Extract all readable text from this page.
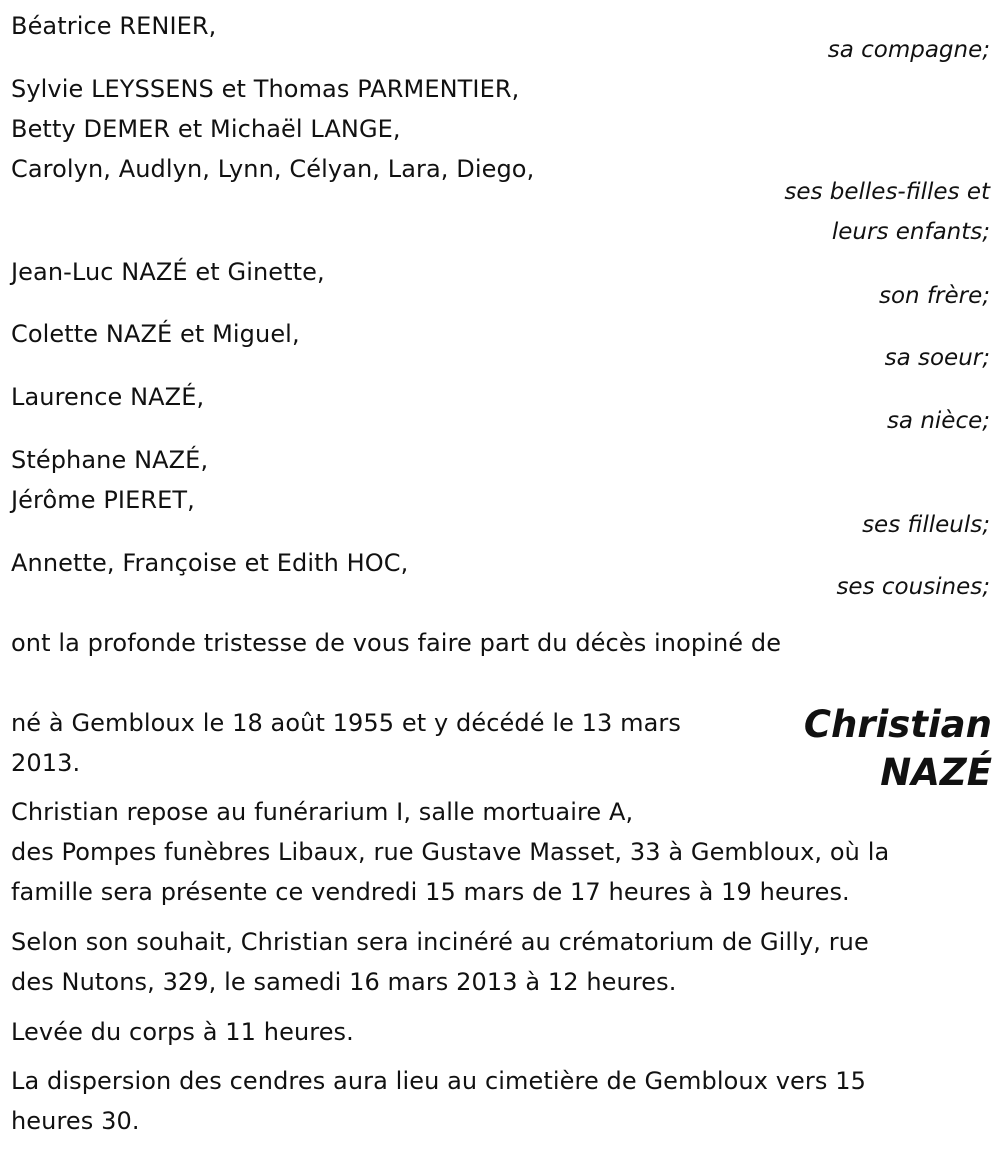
Béatrice RENIER,
sa compagne;
Sylvie LEYSSENS et Thomas PARMENTIER,
Betty DEMER et Michaël LANGE,
Carolyn, Audlyn, Lynn, Célyan, Lara, Diego,
ses belles-filles et
leurs enfants;
Jean-Luc NAZÉ et Ginette,
son frère;
Colette NAZÉ et Miguel,
sa soeur;
Laurence NAZÉ,
sa nièce;
Stéphane NAZÉ,
Jérôme PIERET,
ses filleuls;
Annette, Françoise et Edith HOC,
ses cousines;
ont la profonde tristesse de vous faire part du décès inopiné de
Christian
NAZÉ
né à Gembloux le 18 août 1955 et y décédé le 13 mars
2013.
Christian repose au funérarium I, salle mortuaire A,
des Pompes funèbres Libaux, rue Gustave Masset, 33 à Gembloux, où la
famille sera présente ce vendredi 15 mars de 17 heures à 19 heures.
Selon son souhait, Christian sera inciné​ré au crématorium de Gilly, rue
des Nutons, 329, le samedi 16 mars 2013 à 12 heures.
Levée du corps à 11 heures.
La dispersion des cendres aura lieu au cimetière de Gembloux vers 15
heures 30.
